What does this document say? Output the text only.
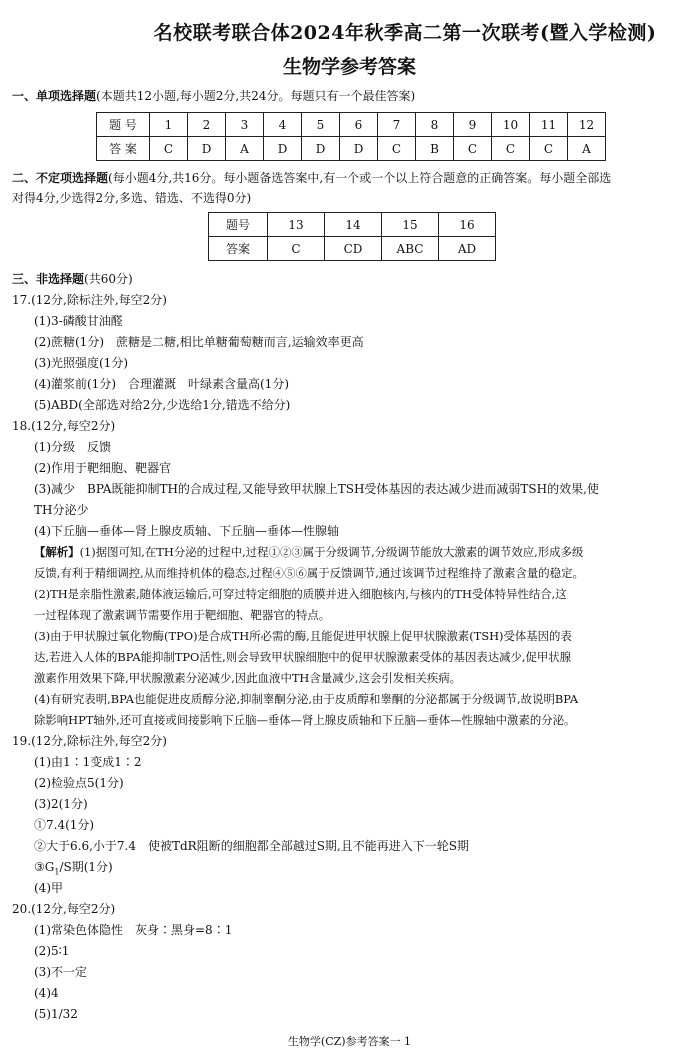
名校联考联合体2024年秋季高二第一次联考(暨入学检测)
生物学参考答案
一、单项选择题(本题共12小题,每小题2分,共24分。每题只有一个最佳答案)
题 号	1	2	3	4	5	6	7	8	9	10	11	12
答 案	C	D	A	D	D	D	C	B	C	C	C	A
二、不定项选择题(每小题4分,共16分。每小题备选答案中,有一个或一个以上符合题意的正确答案。每小题全部选
对得4分,少选得2分,多选、错选、不选得0分)
题号	13	14	15	16
答案	C	CD	ABC	AD
三、非选择题(共60分)
17.(12分,除标注外,每空2分)
(1)3-磷酸甘油醛
(2)蔗糖(1分)　蔗糖是二糖,相比单糖葡萄糖而言,运输效率更高
(3)光照强度(1分)
(4)灌浆前(1分)　合理灌溉　叶绿素含量高(1分)
(5)ABD(全部选对给2分,少选给1分,错选不给分)
18.(12分,每空2分)
(1)分级　反馈
(2)作用于靶细胞、靶器官
(3)减少　BPA既能抑制TH的合成过程,又能导致甲状腺上TSH受体基因的表达减少进而减弱TSH的效果,使
TH分泌少
(4)下丘脑—垂体—肾上腺皮质轴、下丘脑—垂体—性腺轴
【解析】(1)据图可知,在TH分泌的过程中,过程①②③属于分级调节,分级调节能放大激素的调节效应,形成多级
反馈,有利于精细调控,从而维持机体的稳态,过程④⑤⑥属于反馈调节,通过该调节过程维持了激素含量的稳定。
(2)TH是亲脂性激素,随体液运输后,可穿过特定细胞的质膜并进入细胞核内,与核内的TH受体特异性结合,这
一过程体现了激素调节需要作用于靶细胞、靶器官的特点。
(3)由于甲状腺过氧化物酶(TPO)是合成TH所必需的酶,且能促进甲状腺上促甲状腺激素(TSH)受体基因的表
达,若进入人体的BPA能抑制TPO活性,则会导致甲状腺细胞中的促甲状腺激素受体的基因表达减少,促甲状腺
激素作用效果下降,甲状腺激素分泌减少,因此血液中TH含量减少,这会引发相关疾病。
(4)有研究表明,BPA也能促进皮质醇分泌,抑制睾酮分泌,由于皮质醇和睾酮的分泌都属于分级调节,故说明BPA
除影响HPT轴外,还可直接或间接影响下丘脑—垂体—肾上腺皮质轴和下丘脑—垂体—性腺轴中激素的分泌。
19.(12分,除标注外,每空2分)
(1)由1∶1变成1∶2
(2)检验点5(1分)
(3)2(1分)
①7.4(1分)
②大于6.6,小于7.4　使被TdR阻断的细胞都全部越过S期,且不能再进入下一轮S期
$③G_1/S$期(1分)
(4)甲
20.(12分,每空2分)
(1)常染色体隐性　灰身∶黑身=8∶1
(2)5∶1
(3)不一定
(4)4
(5)1/32
生物学(CZ)参考答案一 1
